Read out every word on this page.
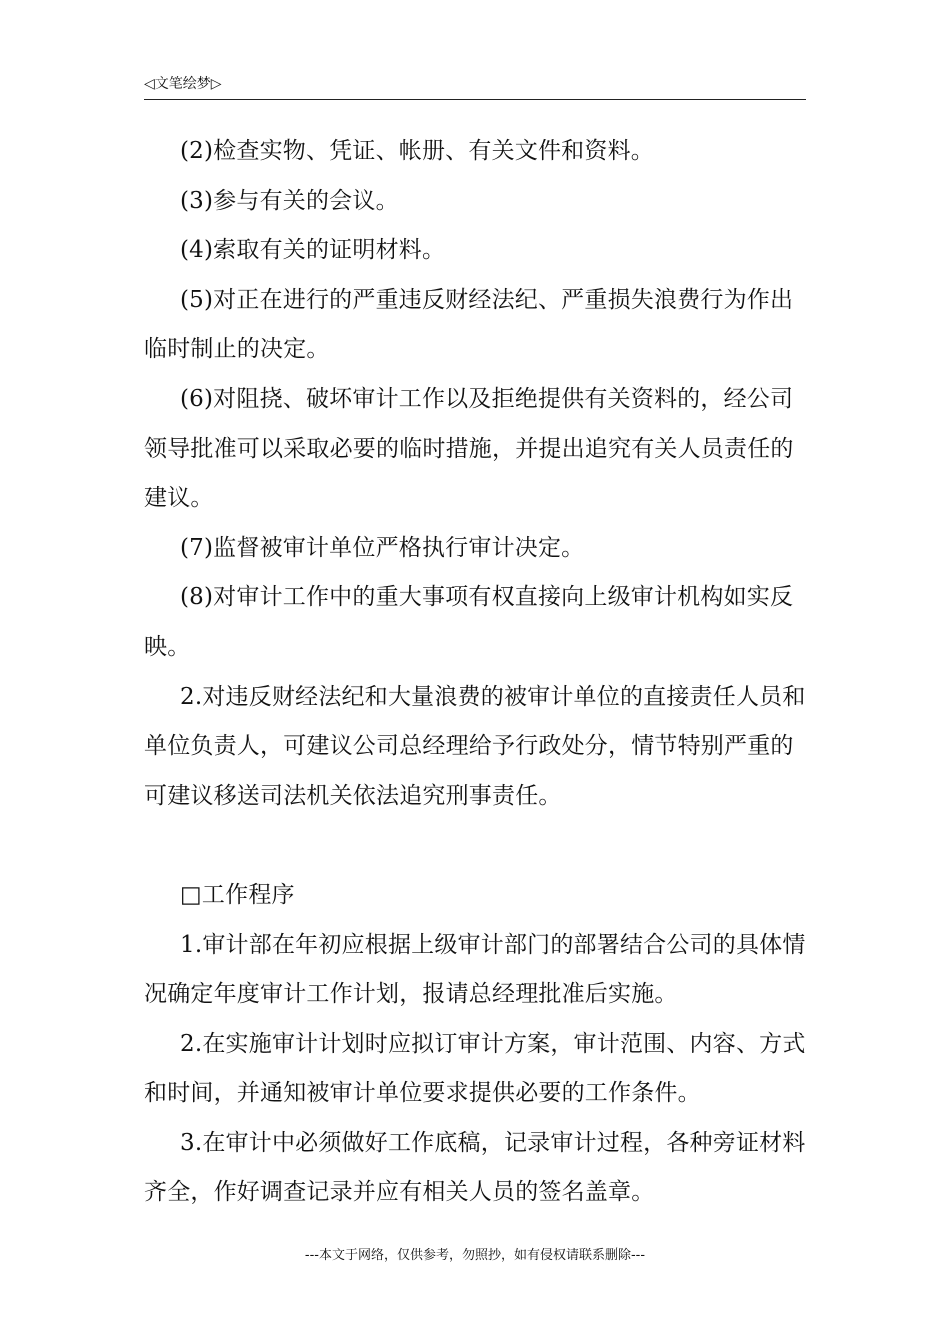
◁文笔绘梦▷

(2)检查实物、凭证、帐册、有关文件和资料。

(3)参与有关的会议。

(4)索取有关的证明材料。

(5)对正在进行的严重违反财经法纪、严重损失浪费行为作出临时制止的决定。

(6)对阻挠、破坏审计工作以及拒绝提供有关资料的，经公司领导批准可以采取必要的临时措施，并提出追究有关人员责任的建议。

(7)监督被审计单位严格执行审计决定。

(8)对审计工作中的重大事项有权直接向上级审计机构如实反映。

2.对违反财经法纪和大量浪费的被审计单位的直接责任人员和单位负责人，可建议公司总经理给予行政处分，情节特别严重的可建议移送司法机关依法追究刑事责任。

□工作程序

1.审计部在年初应根据上级审计部门的部署结合公司的具体情况确定年度审计工作计划，报请总经理批准后实施。

2.在实施审计计划时应拟订审计方案，审计范围、内容、方式和时间，并通知被审计单位要求提供必要的工作条件。

3.在审计中必须做好工作底稿，记录审计过程，各种旁证材料齐全，作好调查记录并应有相关人员的签名盖章。

---本文于网络，仅供参考，勿照抄，如有侵权请联系删除---
